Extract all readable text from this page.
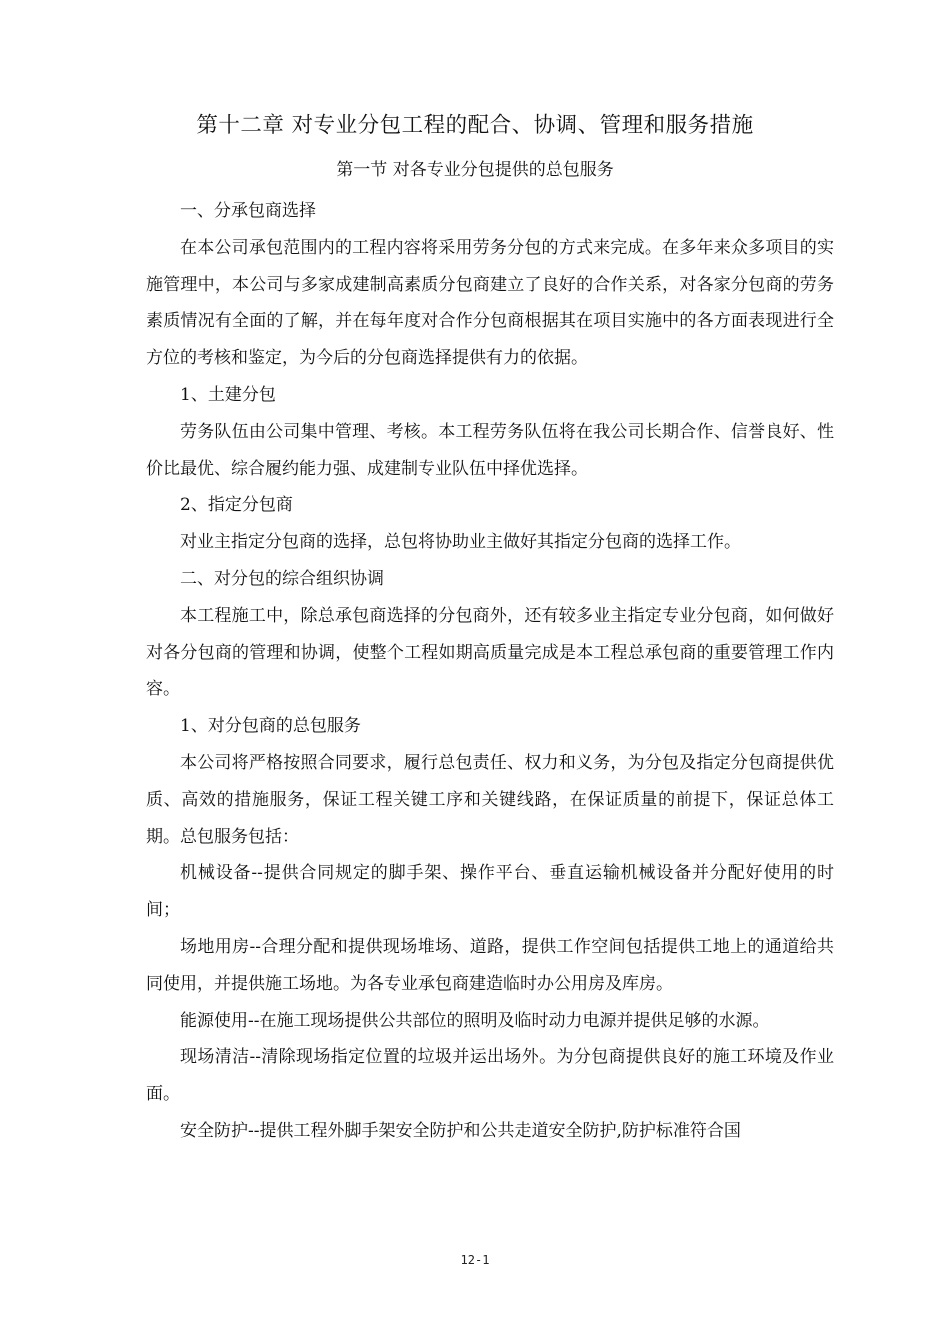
第十二章 对专业分包工程的配合、协调、管理和服务措施
第一节 对各专业分包提供的总包服务

一、分承包商选择

在本公司承包范围内的工程内容将采用劳务分包的方式来完成。在多年来众多项目的实施管理中，本公司与多家成建制高素质分包商建立了良好的合作关系，对各家分包商的劳务素质情况有全面的了解，并在每年度对合作分包商根据其在项目实施中的各方面表现进行全方位的考核和鉴定，为今后的分包商选择提供有力的依据。

1、土建分包

劳务队伍由公司集中管理、考核。本工程劳务队伍将在我公司长期合作、信誉良好、性价比最优、综合履约能力强、成建制专业队伍中择优选择。

2、指定分包商

对业主指定分包商的选择，总包将协助业主做好其指定分包商的选择工作。

二、对分包的综合组织协调

本工程施工中，除总承包商选择的分包商外，还有较多业主指定专业分包商，如何做好对各分包商的管理和协调，使整个工程如期高质量完成是本工程总承包商的重要管理工作内容。

1、对分包商的总包服务

本公司将严格按照合同要求，履行总包责任、权力和义务，为分包及指定分包商提供优质、高效的措施服务，保证工程关键工序和关键线路，在保证质量的前提下，保证总体工期。总包服务包括：

机械设备--提供合同规定的脚手架、操作平台、垂直运输机械设备并分配好使用的时间；

场地用房--合理分配和提供现场堆场、道路，提供工作空间包括提供工地上的通道给共同使用，并提供施工场地。为各专业承包商建造临时办公用房及库房。

能源使用--在施工现场提供公共部位的照明及临时动力电源并提供足够的水源。

现场清洁--清除现场指定位置的垃圾并运出场外。为分包商提供良好的施工环境及作业面。

安全防护--提供工程外脚手架安全防护和公共走道安全防护,防护标准符合国

12-1
